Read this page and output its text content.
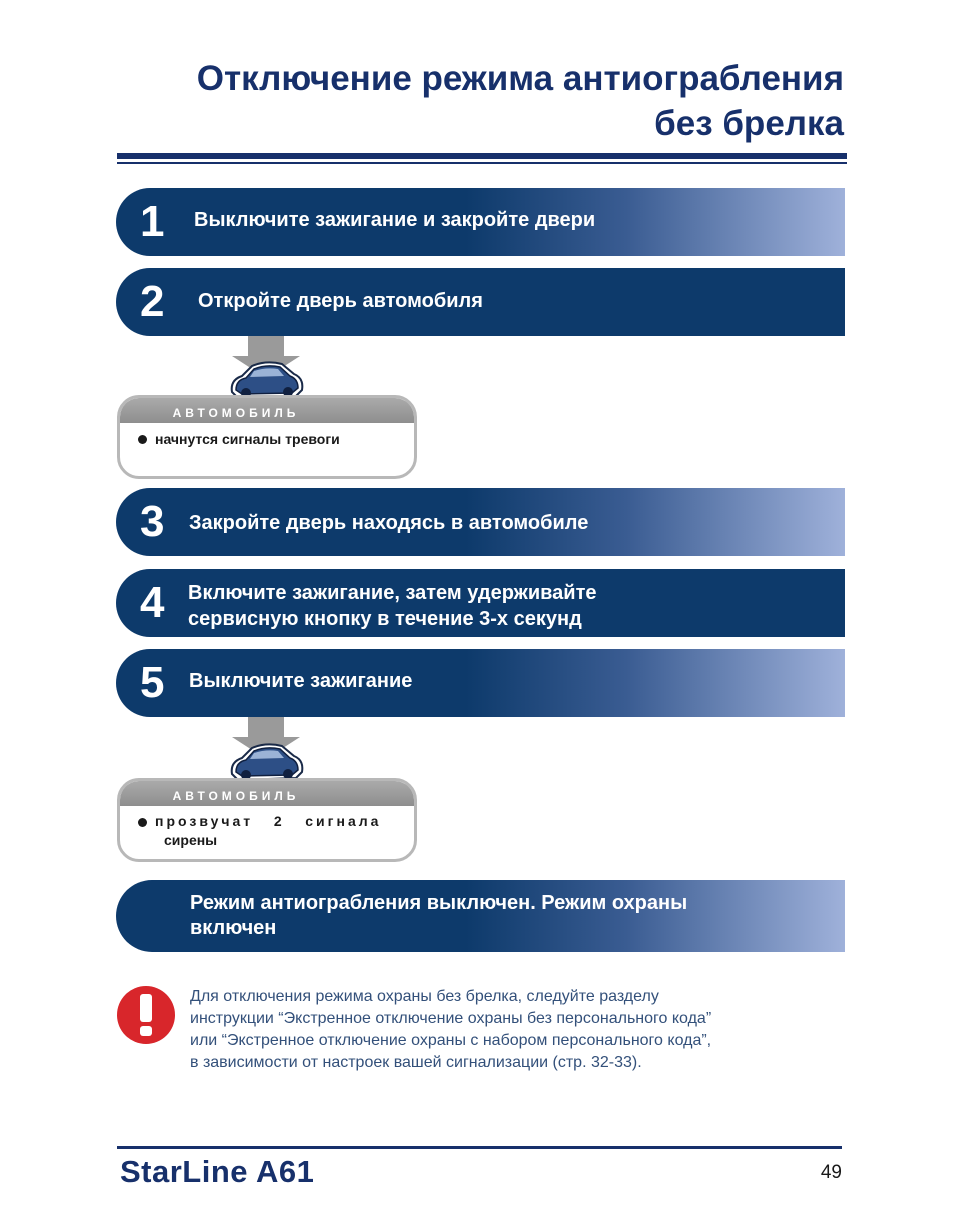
Отключение режима антиограбления
без брелка
1 Выключите зажигание и закройте двери
2 Откройте дверь автомобиля
АВТОМОБИЛЬ
начнутся сигналы тревоги
3 Закройте дверь находясь в автомобиле
4 Включите зажигание, затем удерживайте
сервисную кнопку в течение 3-х секунд
5 Выключите зажигание
АВТОМОБИЛЬ
прозвучат   2   сигнала
сирены
Режим антиограбления выключен. Режим охраны
включен
Для отключения режима охраны без брелка, следуйте разделу
инструкции “Экстренное отключение охраны без персонального кода”
или “Экстренное отключение охраны с набором персонального кода”,
в зависимости от настроек вашей сигнализации (стр. 32-33).
StarLine A61	49
